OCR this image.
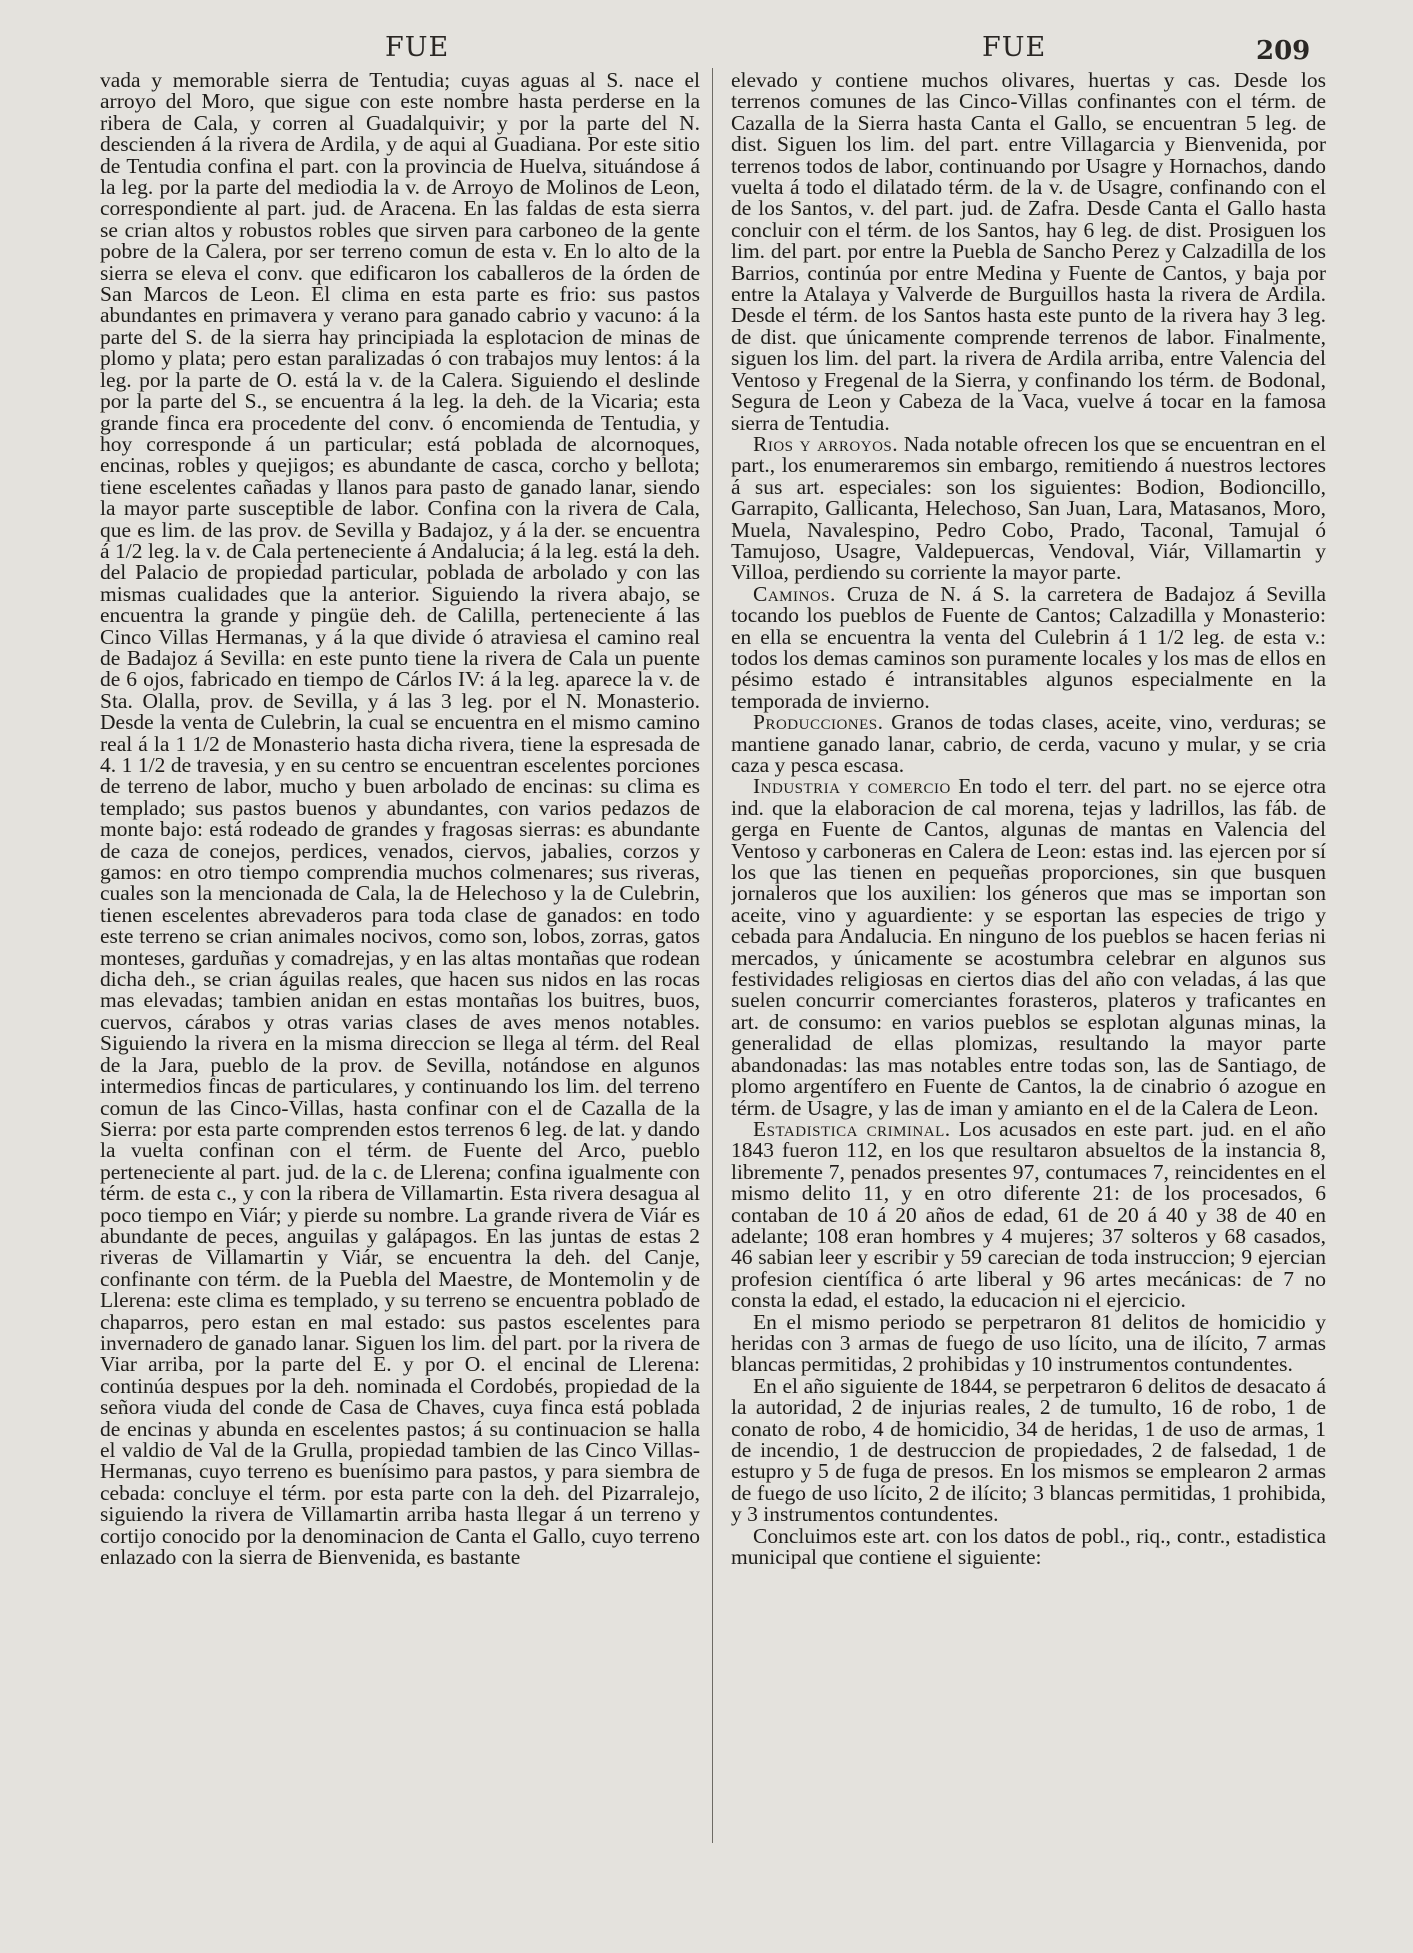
FUE	FUE	209

vada y memorable sierra de Tentudia; cuyas aguas al S. nace el arroyo del Moro, que sigue con este nombre hasta perderse en la ribera de Cala, y corren al Guadalquivir; y por la parte del N. descienden á la rivera de Ardila, y de aqui al Guadiana. Por este sitio de Tentudia confina el part. con la provincia de Huelva, situándose á la leg. por la parte del mediodia la v. de Arroyo de Molinos de Leon, correspondiente al part. jud. de Aracena. En las faldas de esta sierra se crian altos y robustos robles que sirven para carboneo de la gente pobre de la Calera, por ser terreno comun de esta v. En lo alto de la sierra se eleva el conv. que edificaron los caballeros de la órden de San Marcos de Leon. El clima en esta parte es frio: sus pastos abundantes en primavera y verano para ganado cabrio y vacuno: á la parte del S. de la sierra hay principiada la esplotacion de minas de plomo y plata; pero estan paralizadas ó con trabajos muy lentos: á la leg. por la parte de O. está la v. de la Calera. Siguiendo el deslinde por la parte del S., se encuentra á la leg. la deh. de la Vicaria; esta grande finca era procedente del conv. ó encomienda de Tentudia, y hoy corresponde á un particular; está poblada de alcornoques, encinas, robles y quejigos; es abundante de casca, corcho y bellota; tiene escelentes cañadas y llanos para pasto de ganado lanar, siendo la mayor parte susceptible de labor. Confina con la rivera de Cala, que es lim. de las prov. de Sevilla y Badajoz, y á la der. se encuentra á 1/2 leg. la v. de Cala perteneciente á Andalucia; á la leg. está la deh. del Palacio de propiedad particular, poblada de arbolado y con las mismas cualidades que la anterior. Siguiendo la rivera abajo, se encuentra la grande y pingüe deh. de Calilla, perteneciente á las Cinco Villas Hermanas, y á la que divide ó atraviesa el camino real de Badajoz á Sevilla: en este punto tiene la rivera de Cala un puente de 6 ojos, fabricado en tiempo de Cárlos IV: á la leg. aparece la v. de Sta. Olalla, prov. de Sevilla, y á las 3 leg. por el N. Monasterio. Desde la venta de Culebrin, la cual se encuentra en el mismo camino real á la 1 1/2 de Monasterio hasta dicha rivera, tiene la espresada de 4. 1 1/2 de travesia, y en su centro se encuentran escelentes porciones de terreno de labor, mucho y buen arbolado de encinas: su clima es templado; sus pastos buenos y abundantes, con varios pedazos de monte bajo: está rodeado de grandes y fragosas sierras: es abundante de caza de conejos, perdices, venados, ciervos, jabalies, corzos y gamos: en otro tiempo comprendia muchos colmenares; sus riveras, cuales son la mencionada de Cala, la de Helechoso y la de Culebrin, tienen escelentes abrevaderos para toda clase de ganados: en todo este terreno se crian animales nocivos, como son, lobos, zorras, gatos monteses, garduñas y comadrejas, y en las altas montañas que rodean dicha deh., se crian águilas reales, que hacen sus nidos en las rocas mas elevadas; tambien anidan en estas montañas los buitres, buos, cuervos, cárabos y otras varias clases de aves menos notables. Siguiendo la rivera en la misma direccion se llega al térm. del Real de la Jara, pueblo de la prov. de Sevilla, notándose en algunos intermedios fincas de particulares, y continuando los lim. del terreno comun de las Cinco-Villas, hasta confinar con el de Cazalla de la Sierra: por esta parte comprenden estos terrenos 6 leg. de lat. y dando la vuelta confinan con el térm. de Fuente del Arco, pueblo perteneciente al part. jud. de la c. de Llerena; confina igualmente con térm. de esta c., y con la ribera de Villamartin. Esta rivera desagua al poco tiempo en Viár; y pierde su nombre. La grande rivera de Viár es abundante de peces, anguilas y galápagos. En las juntas de estas 2 riveras de Villamartin y Viár, se encuentra la deh. del Canje, confinante con térm. de la Puebla del Maestre, de Montemolin y de Llerena: este clima es templado, y su terreno se encuentra poblado de chaparros, pero estan en mal estado: sus pastos escelentes para invernadero de ganado lanar. Siguen los lim. del part. por la rivera de Viar arriba, por la parte del E. y por O. el encinal de Llerena: continúa despues por la deh. nominada el Cordobés, propiedad de la señora viuda del conde de Casa de Chaves, cuya finca está poblada de encinas y abunda en escelentes pastos; á su continuacion se halla el valdio de Val de la Grulla, propiedad tambien de las Cinco Villas-Hermanas, cuyo terreno es buenísimo para pastos, y para siembra de cebada: concluye el térm. por esta parte con la deh. del Pizarralejo, siguiendo la rivera de Villamartin arriba hasta llegar á un terreno y cortijo conocido por la denominacion de Canta el Gallo, cuyo terreno enlazado con la sierra de Bienvenida, es bastante

elevado y contiene muchos olivares, huertas y cas. Desde los terrenos comunes de las Cinco-Villas confinantes con el térm. de Cazalla de la Sierra hasta Canta el Gallo, se encuentran 5 leg. de dist. Siguen los lim. del part. entre Villagarcia y Bienvenida, por terrenos todos de labor, continuando por Usagre y Hornachos, dando vuelta á todo el dilatado térm. de la v. de Usagre, confinando con el de los Santos, v. del part. jud. de Zafra. Desde Canta el Gallo hasta concluir con el térm. de los Santos, hay 6 leg. de dist. Prosiguen los lim. del part. por entre la Puebla de Sancho Perez y Calzadilla de los Barrios, continúa por entre Medina y Fuente de Cantos, y baja por entre la Atalaya y Valverde de Burguillos hasta la rivera de Ardila. Desde el térm. de los Santos hasta este punto de la rivera hay 3 leg. de dist. que únicamente comprende terrenos de labor. Finalmente, siguen los lim. del part. la rivera de Ardila arriba, entre Valencia del Ventoso y Fregenal de la Sierra, y confinando los térm. de Bodonal, Segura de Leon y Cabeza de la Vaca, vuelve á tocar en la famosa sierra de Tentudia.

Rios y arroyos. Nada notable ofrecen los que se encuentran en el part., los enumeraremos sin embargo, remitiendo á nuestros lectores á sus art. especiales: son los siguientes: Bodion, Bodioncillo, Garrapito, Gallicanta, Helechoso, San Juan, Lara, Matasanos, Moro, Muela, Navalespino, Pedro Cobo, Prado, Taconal, Tamujal ó Tamujoso, Usagre, Valdepuercas, Vendoval, Viár, Villamartin y Villoa, perdiendo su corriente la mayor parte.

Caminos. Cruza de N. á S. la carretera de Badajoz á Sevilla tocando los pueblos de Fuente de Cantos; Calzadilla y Monasterio: en ella se encuentra la venta del Culebrin á 1 1/2 leg. de esta v.: todos los demas caminos son puramente locales y los mas de ellos en pésimo estado é intransitables algunos especialmente en la temporada de invierno.

Producciones. Granos de todas clases, aceite, vino, verduras; se mantiene ganado lanar, cabrio, de cerda, vacuno y mular, y se cria caza y pesca escasa.

Industria y comercio En todo el terr. del part. no se ejerce otra ind. que la elaboracion de cal morena, tejas y ladrillos, las fáb. de gerga en Fuente de Cantos, algunas de mantas en Valencia del Ventoso y carboneras en Calera de Leon: estas ind. las ejercen por sí los que las tienen en pequeñas proporciones, sin que busquen jornaleros que los auxilien: los géneros que mas se importan son aceite, vino y aguardiente: y se esportan las especies de trigo y cebada para Andalucia. En ninguno de los pueblos se hacen ferias ni mercados, y únicamente se acostumbra celebrar en algunos sus festividades religiosas en ciertos dias del año con veladas, á las que suelen concurrir comerciantes forasteros, plateros y traficantes en art. de consumo: en varios pueblos se esplotan algunas minas, la generalidad de ellas plomizas, resultando la mayor parte abandonadas: las mas notables entre todas son, las de Santiago, de plomo argentífero en Fuente de Cantos, la de cinabrio ó azogue en térm. de Usagre, y las de iman y amianto en el de la Calera de Leon.

Estadistica criminal. Los acusados en este part. jud. en el año 1843 fueron 112, en los que resultaron absueltos de la instancia 8, libremente 7, penados presentes 97, contumaces 7, reincidentes en el mismo delito 11, y en otro diferente 21: de los procesados, 6 contaban de 10 á 20 años de edad, 61 de 20 á 40 y 38 de 40 en adelante; 108 eran hombres y 4 mujeres; 37 solteros y 68 casados, 46 sabian leer y escribir y 59 carecian de toda instruccion; 9 ejercian profesion científica ó arte liberal y 96 artes mecánicas: de 7 no consta la edad, el estado, la educacion ni el ejercicio.

En el mismo periodo se perpetraron 81 delitos de homicidio y heridas con 3 armas de fuego de uso lícito, una de ilícito, 7 armas blancas permitidas, 2 prohibidas y 10 instrumentos contundentes.

En el año siguiente de 1844, se perpetraron 6 delitos de desacato á la autoridad, 2 de injurias reales, 2 de tumulto, 16 de robo, 1 de conato de robo, 4 de homicidio, 34 de heridas, 1 de uso de armas, 1 de incendio, 1 de destruccion de propiedades, 2 de falsedad, 1 de estupro y 5 de fuga de presos. En los mismos se emplearon 2 armas de fuego de uso lícito, 2 de ilícito; 3 blancas permitidas, 1 prohibida, y 3 instrumentos contundentes.

Concluimos este art. con los datos de pobl., riq., contr., estadistica municipal que contiene el siguiente:
